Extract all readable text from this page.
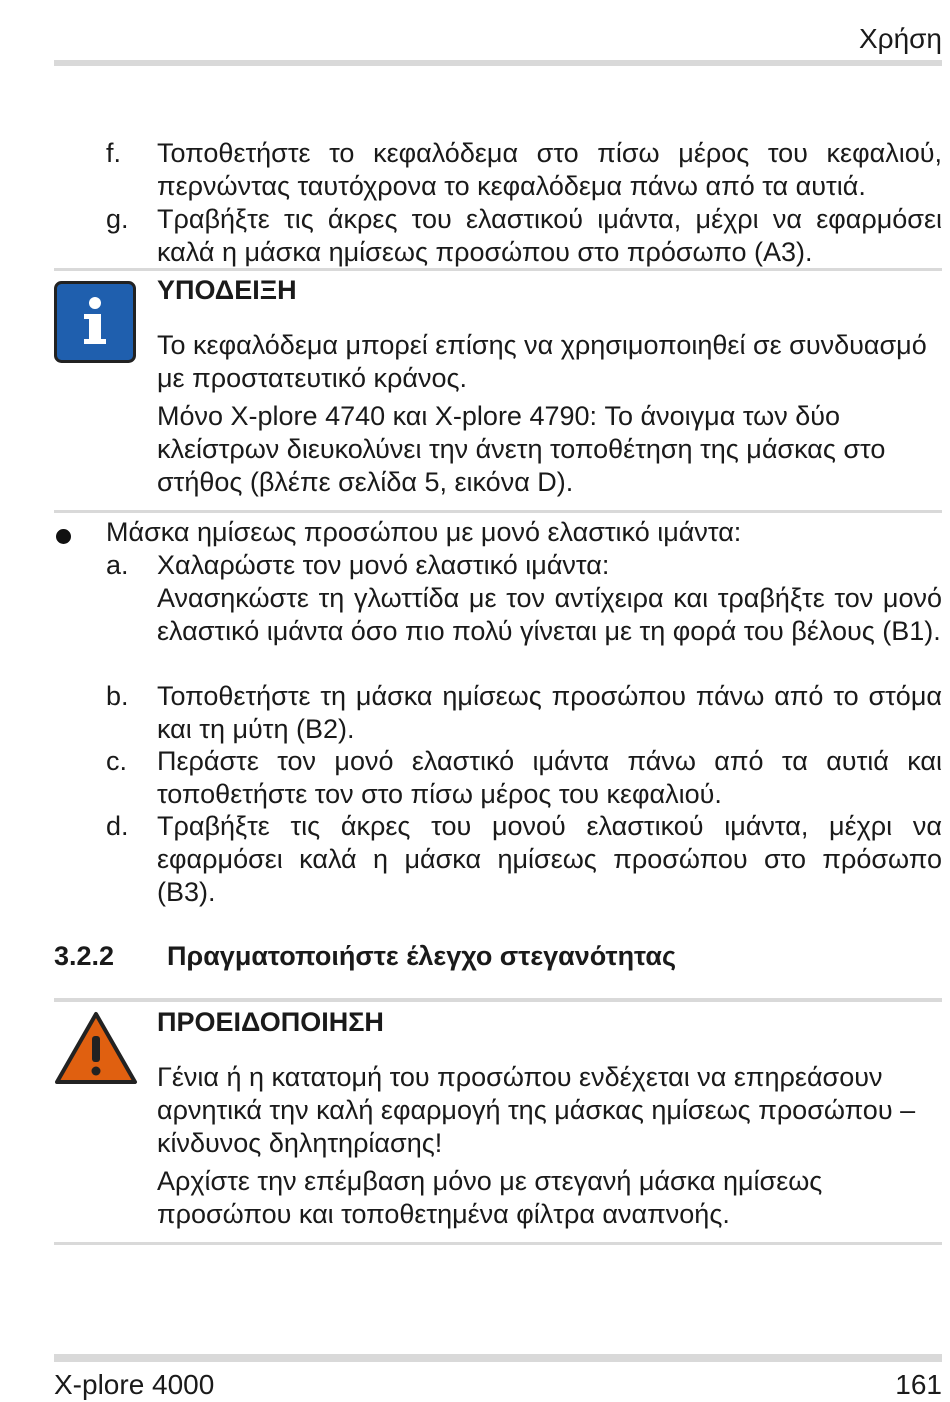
Χρήση
f. Τοποθετήστε το κεφαλόδεμα στο πίσω μέρος του κεφαλιού, περνώντας ταυτόχρονα το κεφαλόδεμα πάνω από τα αυτιά.
g. Τραβήξτε τις άκρες του ελαστικού ιμάντα, μέχρι να εφαρμόσει καλά η μάσκα ημίσεως προσώπου στο πρόσωπο (A3).
ΥΠΟΔΕΙΞΗ
Το κεφαλόδεμα μπορεί επίσης να χρησιμοποιηθεί σε συνδυασμό με προστατευτικό κράνος.
Μόνο X-plore 4740 και X-plore 4790: Το άνοιγμα των δύο κλείστρων διευκολύνει την άνετη τοποθέτηση της μάσκας στο στήθος (βλέπε σελίδα 5, εικόνα D).
Μάσκα ημίσεως προσώπου με μονό ελαστικό ιμάντα:
a. Χαλαρώστε τον μονό ελαστικό ιμάντα:
Ανασηκώστε τη γλωττίδα με τον αντίχειρα και τραβήξτε τον μονό ελαστικό ιμάντα όσο πιο πολύ γίνεται με τη φορά του βέλους (B1).
b. Τοποθετήστε τη μάσκα ημίσεως προσώπου πάνω από το στόμα και τη μύτη (B2).
c. Περάστε τον μονό ελαστικό ιμάντα πάνω από τα αυτιά και τοποθετήστε τον στο πίσω μέρος του κεφαλιού.
d. Τραβήξτε τις άκρες του μονού ελαστικού ιμάντα, μέχρι να εφαρμόσει καλά η μάσκα ημίσεως προσώπου στο πρόσωπο (B3).
3.2.2 Πραγματοποιήστε έλεγχο στεγανότητας
ΠΡΟΕΙΔΟΠΟΙΗΣΗ
Γένια ή η κατατομή του προσώπου ενδέχεται να επηρεάσουν αρνητικά την καλή εφαρμογή της μάσκας ημίσεως προσώπου – κίνδυνος δηλητηρίασης!
Αρχίστε την επέμβαση μόνο με στεγανή μάσκα ημίσεως προσώπου και τοποθετημένα φίλτρα αναπνοής.
X-plore 4000	161
